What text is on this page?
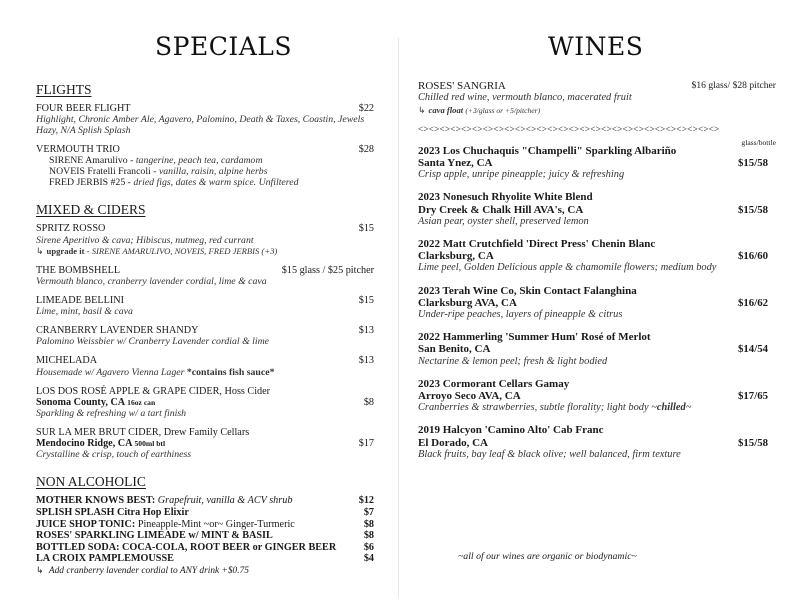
SPECIALS	WINES
FLIGHTS
FOUR BEER FLIGHT	$22
Highlight, Chronic Amber Ale, Agavero, Palomino, Death & Taxes, Coastin, Jewels Hazy, N/A Splish Splash
VERMOUTH TRIO	$28
SIRENE Amarulivo - tangerine, peach tea, cardamom
NOVEIS Fratelli Francoli - vanilla, raisin, alpine herbs
FRED JERBIS #25 - dried figs, dates & warm spice. Unfiltered
MIXED & CIDERS
SPRITZ ROSSO	$15
Sirene Aperitivo & cava; Hibiscus, nutmeg, red currant
↳ upgrade it - SIRENE AMARULIVO, NOVEIS, FRED JERBIS (+3)
THE BOMBSHELL	$15 glass / $25 pitcher
Vermouth blanco, cranberry lavender cordial, lime & cava
LIMEADE BELLINI	$15
Lime, mint, basil & cava
CRANBERRY LAVENDER SHANDY	$13
Palomino Weissbier w/ Cranberry Lavender cordial & lime
MICHELADA	$13
Housemade w/ Agavero Vienna Lager *contains fish sauce*
LOS DOS ROSÉ APPLE & GRAPE CIDER, Hoss Cider
Sonoma County, CA 16oz can	$8
Sparkling & refreshing w/ a tart finish
SUR LA MER BRUT CIDER, Drew Family Cellars
Mendocino Ridge, CA 500ml btl	$17
Crystalline & crisp, touch of earthiness
NON ALCOHOLIC
MOTHER KNOWS BEST: Grapefruit, vanilla & ACV shrub	$12
SPLISH SPLASH Citra Hop Elixir	$7
JUICE SHOP TONIC: Pineapple-Mint ~or~ Ginger-Turmeric	$8
ROSES' SPARKLING LIMEADE w/ MINT & BASIL	$8
BOTTLED SODA: COCA-COLA, ROOT BEER or GINGER BEER	$6
LA CROIX PAMPLEMOUSSE	$4
↳ Add cranberry lavender cordial to ANY drink +$0.75
ROSES' SANGRIA	$16 glass/ $28 pitcher
Chilled red wine, vermouth blanco, macerated fruit
↳ cava float (+3/glass or +5/pitcher)
<><><><><><><><><><><><><><><><><><><><><><><><><><><><>
glass/bottle
2023 Los Chuchaquis "Champelli" Sparkling Albariño
Santa Ynez, CA	$15/58
Crisp apple, unripe pineapple; juicy & refreshing
2023 Nonesuch Rhyolite White Blend
Dry Creek & Chalk Hill AVA's, CA	$15/58
Asian pear, oyster shell, preserved lemon
2022 Matt Crutchfield 'Direct Press' Chenin Blanc
Clarksburg, CA	$16/60
Lime peel, Golden Delicious apple & chamomile flowers; medium body
2023 Terah Wine Co, Skin Contact Falanghina
Clarksburg AVA, CA	$16/62
Under-ripe peaches, layers of pineapple & citrus
2022 Hammerling 'Summer Hum' Rosé of Merlot
San Benito, CA	$14/54
Nectarine & lemon peel; fresh & light bodied
2023 Cormorant Cellars Gamay
Arroyo Seco AVA, CA	$17/65
Cranberries & strawberries, subtle florality; light body ~chilled~
2019 Halcyon 'Camino Alto' Cab Franc
El Dorado, CA	$15/58
Black fruits, bay leaf & black olive; well balanced, firm texture
~all of our wines are organic or biodynamic~
